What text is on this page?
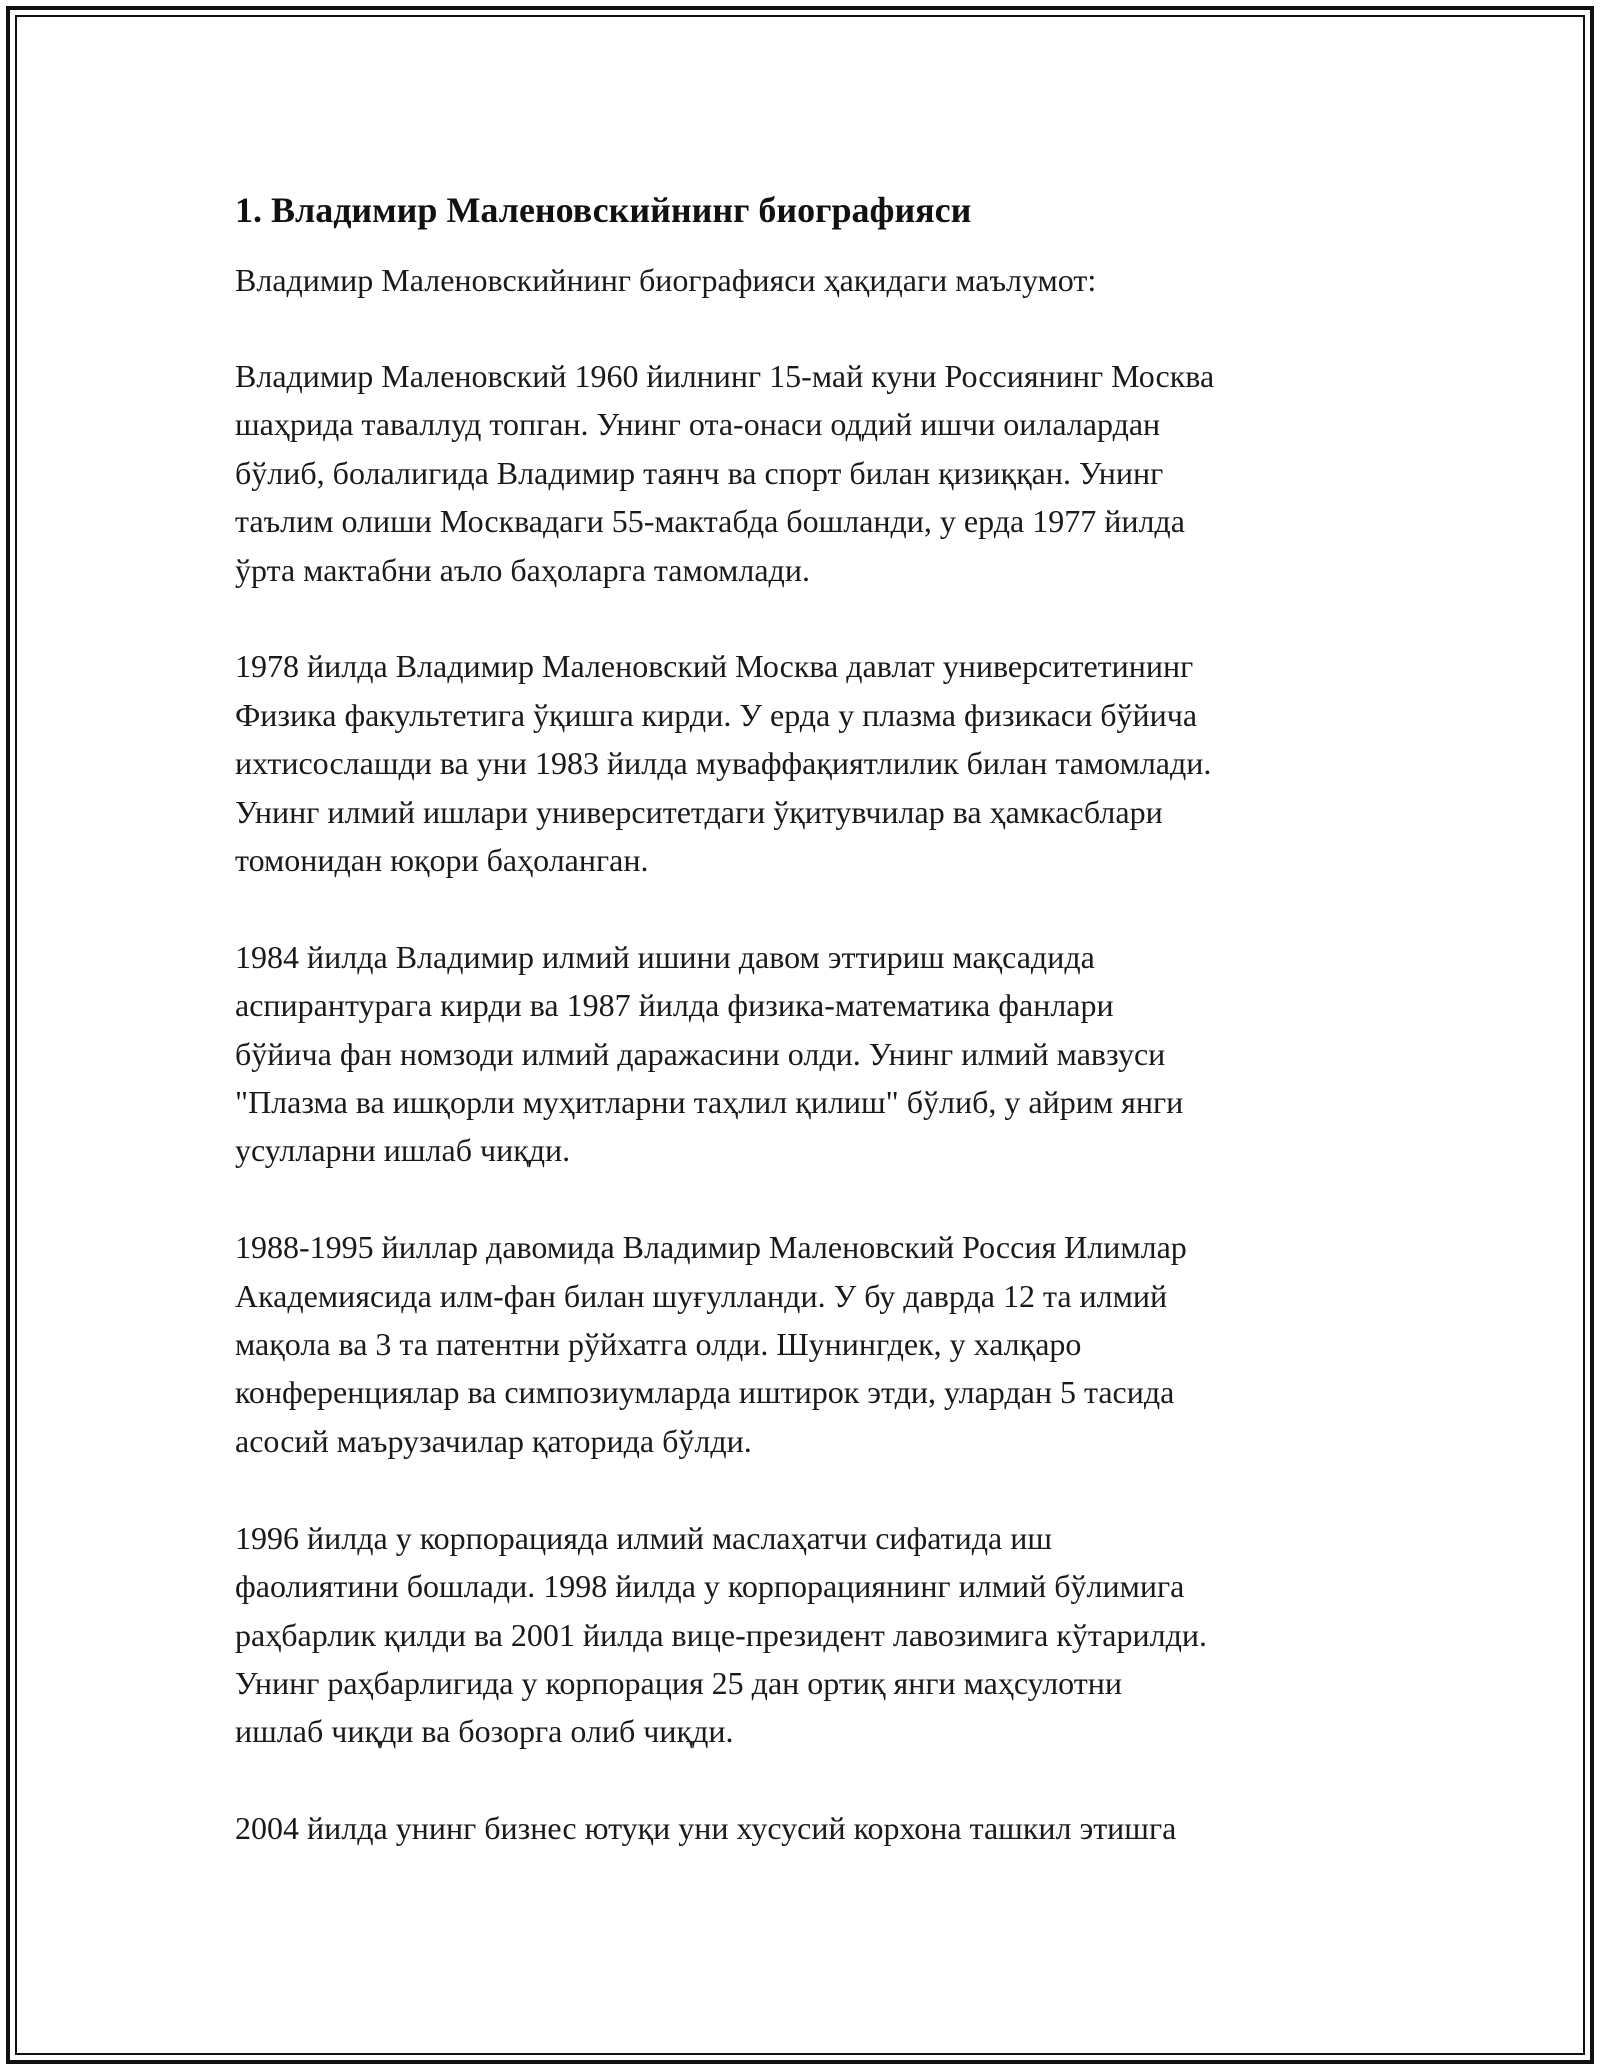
1. Владимир Маленовскийнинг биографияси

Владимир Маленовскийнинг биографияси ҳақидаги маълумот:

Владимир Маленовский 1960 йилнинг 15-май куни Россиянинг Москва
шаҳрида таваллуд топган. Унинг ота-онаси оддий ишчи оилалардан
бўлиб, болалигида Владимир таянч ва спорт билан қизиққан. Унинг
таълим олиши Москвадаги 55-мактабда бошланди, у ерда 1977 йилда
ўрта мактабни аъло баҳоларга тамомлади.

1978 йилда Владимир Маленовский Москва давлат университетининг
Физика факультетига ўқишга кирди. У ерда у плазма физикаси бўйича
ихтисослашди ва уни 1983 йилда муваффақиятлилик билан тамомлади.
Унинг илмий ишлари университетдаги ўқитувчилар ва ҳамкасблари
томонидан юқори баҳоланган.

1984 йилда Владимир илмий ишини давом эттириш мақсадида
аспирантурага кирди ва 1987 йилда физика-математика фанлари
бўйича фан номзоди илмий даражасини олди. Унинг илмий мавзуси
"Плазма ва ишқорли муҳитларни таҳлил қилиш" бўлиб, у айрим янги
усулларни ишлаб чиқди.

1988-1995 йиллар давомида Владимир Маленовский Россия Илимлар
Академиясида илм-фан билан шуғулланди. У бу даврда 12 та илмий
мақола ва 3 та патентни рўйхатга олди. Шунингдек, у халқаро
конференциялар ва симпозиумларда иштирок этди, улардан 5 тасида
асосий маърузачилар қаторида бўлди.

1996 йилда у корпорацияда илмий маслаҳатчи сифатида иш
фаолиятини бошлади. 1998 йилда у корпорациянинг илмий бўлимига
раҳбарлик қилди ва 2001 йилда вице-президент лавозимига кўтарилди.
Унинг раҳбарлигида у корпорация 25 дан ортиқ янги маҳсулотни
ишлаб чиқди ва бозорга олиб чиқди.

2004 йилда унинг бизнес ютуқи уни хусусий корхона ташкил этишга
